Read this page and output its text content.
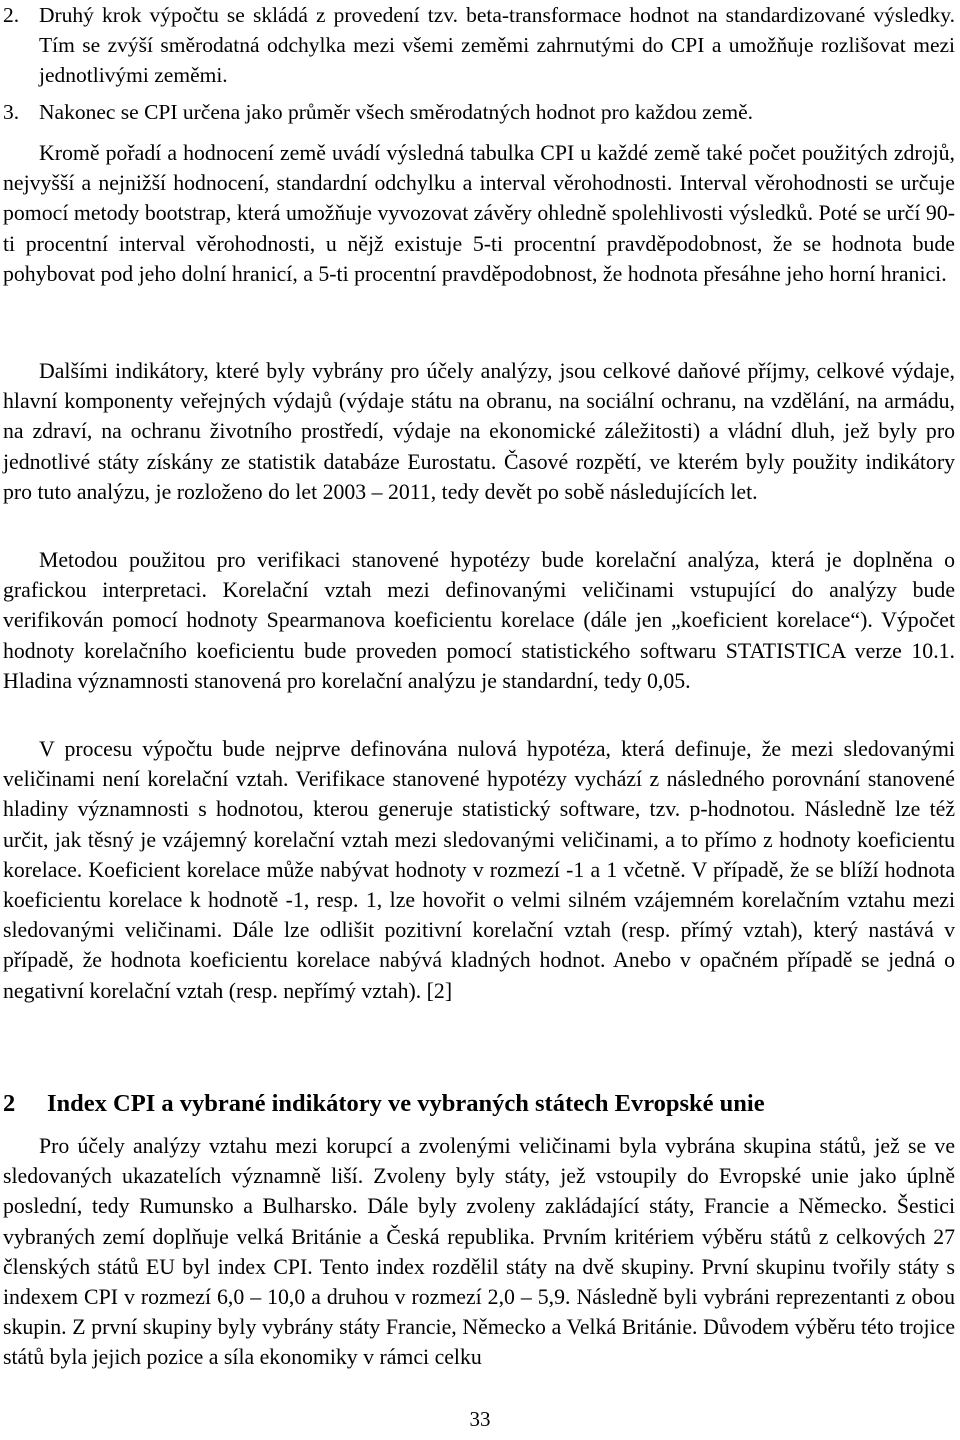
2. Druhý krok výpočtu se skládá z provedení tzv. beta-transformace hodnot na standardizované výsledky. Tím se zvýší směrodatná odchylka mezi všemi zeměmi zahrnutými do CPI a umožňuje rozlišovat mezi jednotlivými zeměmi.
3. Nakonec se CPI určena jako průměr všech směrodatných hodnot pro každou země.

Kromě pořadí a hodnocení země uvádí výsledná tabulka CPI u každé země také počet použitých zdrojů, nejvyšší a nejnižší hodnocení, standardní odchylku a interval věrohodnosti. Interval věrohodnosti se určuje pomocí metody bootstrap, která umožňuje vyvozovat závěry ohledně spolehlivosti výsledků. Poté se určí 90-ti procentní interval věrohodnosti, u nějž existuje 5-ti procentní pravděpodobnost, že se hodnota bude pohybovat pod jeho dolní hranicí, a 5-ti procentní pravděpodobnost, že hodnota přesáhne jeho horní hranici.

Dalšími indikátory, které byly vybrány pro účely analýzy, jsou celkové daňové příjmy, celkové výdaje, hlavní komponenty veřejných výdajů (výdaje státu na obranu, na sociální ochranu, na vzdělání, na armádu, na zdraví, na ochranu životního prostředí, výdaje na ekonomické záležitosti) a vládní dluh, jež byly pro jednotlivé státy získány ze statistik databáze Eurostatu. Časové rozpětí, ve kterém byly použity indikátory pro tuto analýzu, je rozloženo do let 2003 – 2011, tedy devět po sobě následujících let.

Metodou použitou pro verifikaci stanovené hypotézy bude korelační analýza, která je doplněna o grafickou interpretaci. Korelační vztah mezi definovanými veličinami vstupující do analýzy bude verifikován pomocí hodnoty Spearmanova koeficientu korelace (dále jen „koeficient korelace“). Výpočet hodnoty korelačního koeficientu bude proveden pomocí statistického softwaru STATISTICA verze 10.1. Hladina významnosti stanovená pro korelační analýzu je standardní, tedy 0,05.

V procesu výpočtu bude nejprve definována nulová hypotéza, která definuje, že mezi sledovanými veličinami není korelační vztah. Verifikace stanovené hypotézy vychází z následného porovnání stanovené hladiny významnosti s hodnotou, kterou generuje statistický software, tzv. p-hodnotou. Následně lze též určit, jak těsný je vzájemný korelační vztah mezi sledovanými veličinami, a to přímo z hodnoty koeficientu korelace. Koeficient korelace může nabývat hodnoty v rozmezí -1 a 1 včetně. V případě, že se blíží hodnota koeficientu korelace k hodnotě -1, resp. 1, lze hovořit o velmi silném vzájemném korelačním vztahu mezi sledovanými veličinami. Dále lze odlišit pozitivní korelační vztah (resp. přímý vztah), který nastává v případě, že hodnota koeficientu korelace nabývá kladných hodnot. Anebo v opačném případě se jedná o negativní korelační vztah (resp. nepřímý vztah). [2]

2	Index CPI a vybrané indikátory ve vybraných státech Evropské unie

Pro účely analýzy vztahu mezi korupcí a zvolenými veličinami byla vybrána skupina států, jež se ve sledovaných ukazatelích významně liší. Zvoleny byly státy, jež vstoupily do Evropské unie jako úplně poslední, tedy Rumunsko a Bulharsko. Dále byly zvoleny zakládající státy, Francie a Německo. Šestici vybraných zemí doplňuje velká Británie a Česká republika. Prvním kritériem výběru států z celkových 27 členských států EU byl index CPI. Tento index rozdělil státy na dvě skupiny. První skupinu tvořily státy s indexem CPI v rozmezí 6,0 – 10,0 a druhou v rozmezí 2,0 – 5,9. Následně byli vybráni reprezentanti z obou skupin. Z první skupiny byly vybrány státy Francie, Německo a Velká Británie. Důvodem výběru této trojice států byla jejich pozice a síla ekonomiky v rámci celku

33
